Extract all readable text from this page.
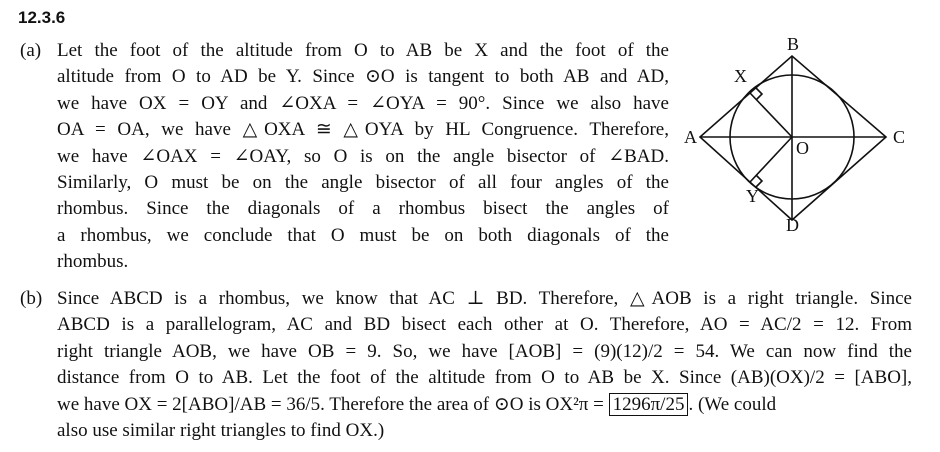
12.3.6
(a) Let the foot of the altitude from O to AB be X and the foot of the
altitude from O to AD be Y. Since ⊙O is tangent to both AB and AD,
we have OX = OY and ∠OXA = ∠OYA = 90°. Since we also have
OA = OA, we have △OXA ≅ △OYA by HL Congruence. Therefore,
we have ∠OAX = ∠OAY, so O is on the angle bisector of ∠BAD.
Similarly, O must be on the angle bisector of all four angles of the
rhombus. Since the diagonals of a rhombus bisect the angles of
a rhombus, we conclude that O must be on both diagonals of the
rhombus.
A
B
C
D
O
X
Y
(b) Since ABCD is a rhombus, we know that AC ⊥ BD. Therefore, △AOB is a right triangle. Since
ABCD is a parallelogram, AC and BD bisect each other at O. Therefore, AO = AC/2 = 12. From
right triangle AOB, we have OB = 9. So, we have [AOB] = (9)(12)/2 = 54. We can now find the
distance from O to AB. Let the foot of the altitude from O to AB be X. Since (AB)(OX)/2 = [ABO],
we have OX = 2[ABO]/AB = 36/5. Therefore the area of ⊙O is OX²π = 1296π/25 . (We could
also use similar right triangles to find OX.)
